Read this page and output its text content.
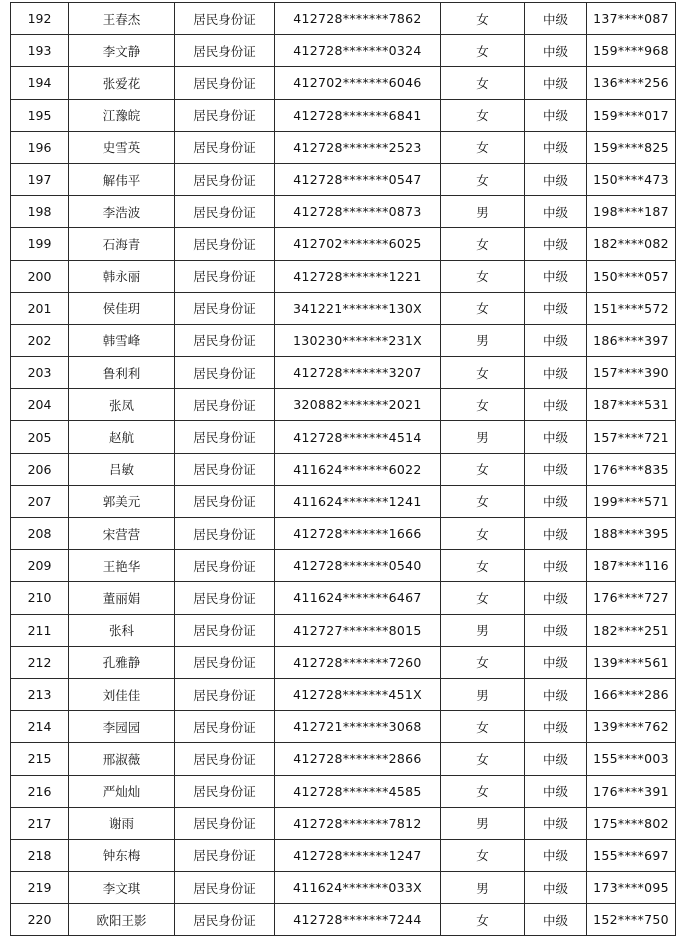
192	王春杰	居民身份证	412728*******7862	女	中级	137****087
193	李文静	居民身份证	412728*******0324	女	中级	159****968
194	张爱花	居民身份证	412702*******6046	女	中级	136****256
195	江豫皖	居民身份证	412728*******6841	女	中级	159****017
196	史雪英	居民身份证	412728*******2523	女	中级	159****825
197	解伟平	居民身份证	412728*******0547	女	中级	150****473
198	李浩波	居民身份证	412728*******0873	男	中级	198****187
199	石海青	居民身份证	412702*******6025	女	中级	182****082
200	韩永丽	居民身份证	412728*******1221	女	中级	150****057
201	侯佳玥	居民身份证	341221*******130X	女	中级	151****572
202	韩雪峰	居民身份证	130230*******231X	男	中级	186****397
203	鲁利利	居民身份证	412728*******3207	女	中级	157****390
204	张凤	居民身份证	320882*******2021	女	中级	187****531
205	赵航	居民身份证	412728*******4514	男	中级	157****721
206	吕敏	居民身份证	411624*******6022	女	中级	176****835
207	郭美元	居民身份证	411624*******1241	女	中级	199****571
208	宋营营	居民身份证	412728*******1666	女	中级	188****395
209	王艳华	居民身份证	412728*******0540	女	中级	187****116
210	董丽娟	居民身份证	411624*******6467	女	中级	176****727
211	张科	居民身份证	412727*******8015	男	中级	182****251
212	孔雅静	居民身份证	412728*******7260	女	中级	139****561
213	刘佳佳	居民身份证	412728*******451X	男	中级	166****286
214	李园园	居民身份证	412721*******3068	女	中级	139****762
215	邢淑薇	居民身份证	412728*******2866	女	中级	155****003
216	严灿灿	居民身份证	412728*******4585	女	中级	176****391
217	谢雨	居民身份证	412728*******7812	男	中级	175****802
218	钟东梅	居民身份证	412728*******1247	女	中级	155****697
219	李文琪	居民身份证	411624*******033X	男	中级	173****095
220	欧阳王影	居民身份证	412728*******7244	女	中级	152****750
